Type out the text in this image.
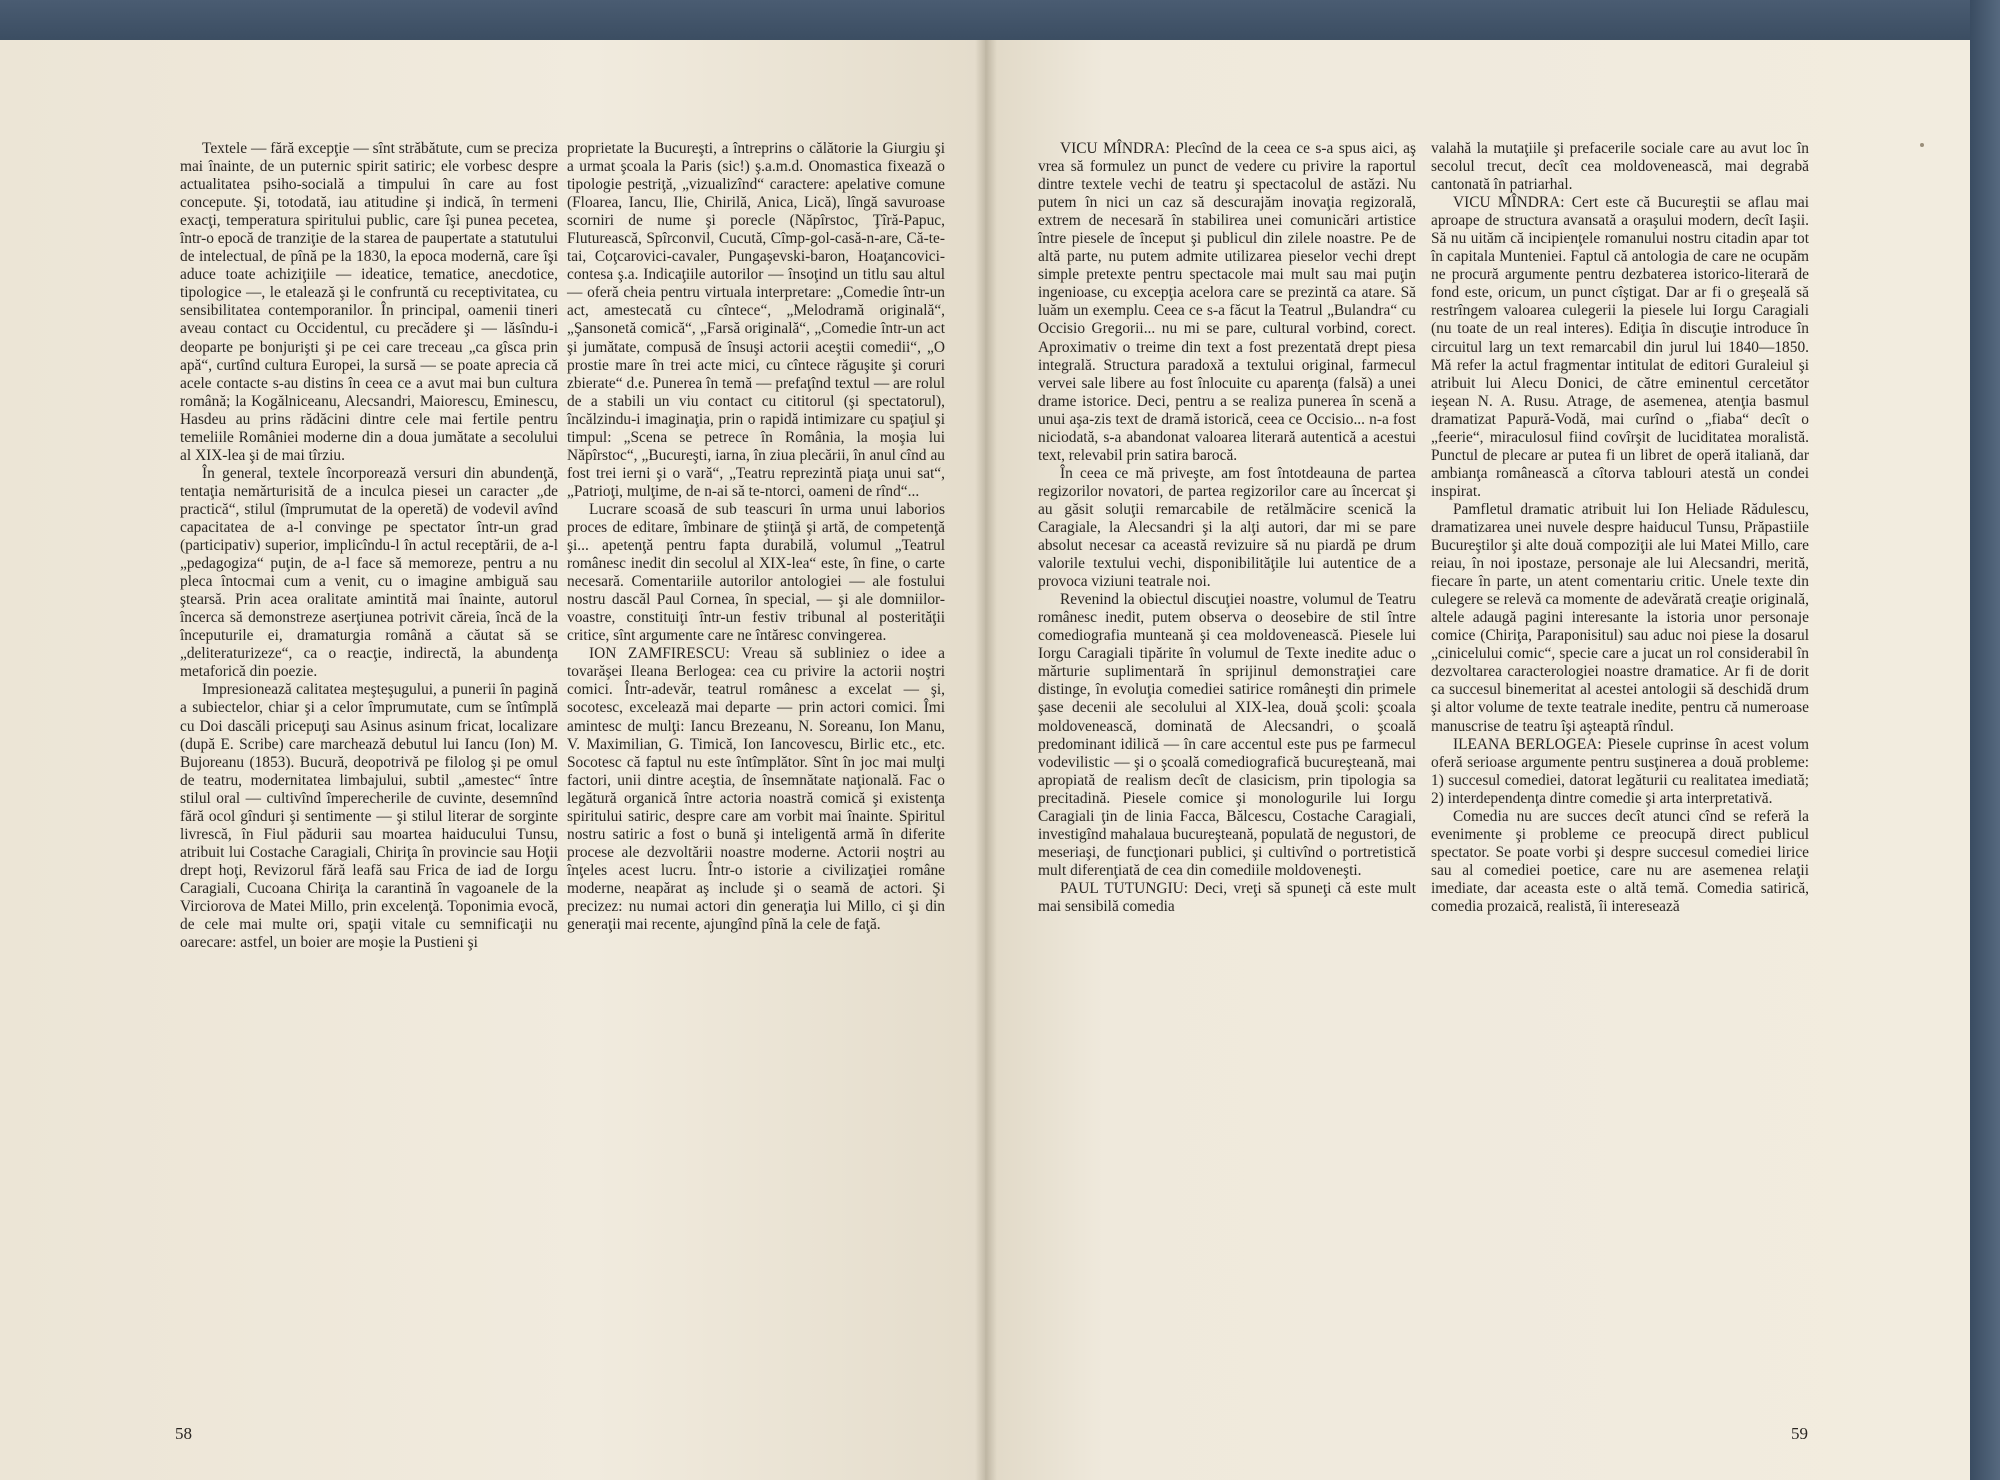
Textele — fără excepţie — sînt străbătute, cum se preciza mai înainte, de un puternic spirit satiric; ele vorbesc despre actualitatea psiho-socială a timpului în care au fost concepute. Şi, totodată, iau atitudine şi indică, în termeni exacţi, temperatura spiritului public, care îşi punea pecetea, într-o epocă de tranziţie de la starea de paupertate a statutului de intelectual, de pînă pe la 1830, la epoca modernă, care îşi aduce toate achiziţiile — ideatice, tematice, anecdotice, tipologice —, le etalează şi le confruntă cu receptivitatea, cu sensibilitatea contemporanilor. În principal, oamenii tineri aveau contact cu Occidentul, cu precădere şi — lăsîndu-i deoparte pe bonjurişti şi pe cei care treceau „ca gîsca prin apă“, curtînd cultura Europei, la sursă — se poate aprecia că acele contacte s-au distins în ceea ce a avut mai bun cultura română; la Kogălniceanu, Alecsandri, Maiorescu, Eminescu, Hasdeu au prins rădăcini dintre cele mai fertile pentru temeliile României moderne din a doua jumătate a secolului al XIX-lea şi de mai tîrziu.

În general, textele încorporează versuri din abundenţă, tentaţia nemărturisită de a inculca piesei un caracter „de practică“, stilul (împrumutat de la operetă) de vodevil avînd capacitatea de a-l convinge pe spectator într-un grad (participativ) superior, implicîndu-l în actul receptării, de a-l „pedagogiza“ puţin, de a-l face să memoreze, pentru a nu pleca întocmai cum a venit, cu o imagine ambiguă sau ştearsă. Prin acea oralitate amintită mai înainte, autorul încerca să demonstreze aserţiunea potrivit căreia, încă de la începuturile ei, dramaturgia română a căutat să se „deliteraturizeze“, ca o reacţie, indirectă, la abundenţa metaforică din poezie.

Impresionează calitatea meşteşugului, a punerii în pagină a subiectelor, chiar şi a celor împrumutate, cum se întîmplă cu Doi dascăli pricepuţi sau Asinus asinum fricat, localizare (după E. Scribe) care marchează debutul lui Iancu (Ion) M. Bujoreanu (1853). Bucură, deopotrivă pe filolog şi pe omul de teatru, modernitatea limbajului, subtil „amestec“ între stilul oral — cultivînd împerecherile de cuvinte, desemnînd fără ocol gînduri şi sentimente — şi stilul literar de sorginte livrescă, în Fiul pădurii sau moartea haiducului Tunsu, atribuit lui Costache Caragiali, Chiriţa în provincie sau Hoţii drept hoţi, Revizorul fără leafă sau Frica de iad de Iorgu Caragiali, Cucoana Chiriţa la carantină în vagoanele de la Virciorova de Matei Millo, prin excelenţă. Toponimia evocă, de cele mai multe ori, spaţii vitale cu semnificaţii nu oarecare: astfel, un boier are moşie la Pustieni şi

proprietate la Bucureşti, a întreprins o călătorie la Giurgiu şi a urmat şcoala la Paris (sic!) ş.a.m.d. Onomastica fixează o tipologie pestriţă, „vizualizînd“ caractere: apelative comune (Floarea, Iancu, Ilie, Chirilă, Anica, Lică), lîngă savuroase scorniri de nume şi porecle (Năpîrstoc, Ţîră-Papuc, Fluturească, Spîrconvil, Cucută, Cîmp-gol-casă-n-are, Că-te-tai, Coţcarovici-cavaler, Pungaşevski-baron, Hoaţancovici-contesa ş.a. Indicaţiile autorilor — însoţind un titlu sau altul — oferă cheia pentru virtuala interpretare: „Comedie într-un act, amestecată cu cîntece“, „Melodramă originală“, „Şansonetă comică“, „Farsă originală“, „Comedie într-un act şi jumătate, compusă de însuşi actorii aceştii comedii“, „O prostie mare în trei acte mici, cu cîntece răguşite şi coruri zbierate“ d.e. Punerea în temă — prefaţînd textul — are rolul de a stabili un viu contact cu cititorul (şi spectatorul), încălzindu-i imaginaţia, prin o rapidă intimizare cu spaţiul şi timpul: „Scena se petrece în România, la moşia lui Năpîrstoc“, „Bucureşti, iarna, în ziua plecării, în anul cînd au fost trei ierni şi o vară“, „Teatru reprezintă piaţa unui sat“, „Patrioţi, mulţime, de n-ai să te-ntorci, oameni de rînd“...

Lucrare scoasă de sub teascuri în urma unui laborios proces de editare, îmbinare de ştiinţă şi artă, de competenţă şi... apetenţă pentru fapta durabilă, volumul „Teatrul românesc inedit din secolul al XIX-lea“ este, în fine, o carte necesară. Comentariile autorilor antologiei — ale fostului nostru dascăl Paul Cornea, în special, — şi ale domniilor-voastre, constituiţi într-un festiv tribunal al posterităţii critice, sînt argumente care ne întăresc convingerea.

ION ZAMFIRESCU: Vreau să subliniez o idee a tovarăşei Ileana Berlogea: cea cu privire la actorii noştri comici. Într-adevăr, teatrul românesc a excelat — şi, socotesc, excelează mai departe — prin actori comici. Îmi amintesc de mulţi: Iancu Brezeanu, N. Soreanu, Ion Manu, V. Maximilian, G. Timică, Ion Iancovescu, Birlic etc., etc. Socotesc că faptul nu este întîmplător. Sînt în joc mai mulţi factori, unii dintre aceştia, de însemnătate naţională. Fac o legătură organică între actoria noastră comică şi existenţa spiritului satiric, despre care am vorbit mai înainte. Spiritul nostru satiric a fost o bună şi inteligentă armă în diferite procese ale dezvoltării noastre moderne. Actorii noştri au înţeles acest lucru. Într-o istorie a civilizaţiei române moderne, neapărat aş include şi o seamă de actori. Şi precizez: nu numai actori din generaţia lui Millo, ci şi din generaţii mai recente, ajungînd pînă la cele de faţă.

58

VICU MÎNDRA: Plecînd de la ceea ce s-a spus aici, aş vrea să formulez un punct de vedere cu privire la raportul dintre textele vechi de teatru şi spectacolul de astăzi. Nu putem în nici un caz să descurajăm inovaţia regizorală, extrem de necesară în stabilirea unei comunicări artistice între piesele de început şi publicul din zilele noastre. Pe de altă parte, nu putem admite utilizarea pieselor vechi drept simple pretexte pentru spectacole mai mult sau mai puţin ingenioase, cu excepţia acelora care se prezintă ca atare. Să luăm un exemplu. Ceea ce s-a făcut la Teatrul „Bulandra“ cu Occisio Gregorii... nu mi se pare, cultural vorbind, corect. Aproximativ o treime din text a fost prezentată drept piesa integrală. Structura paradoxă a textului original, farmecul vervei sale libere au fost înlocuite cu aparenţa (falsă) a unei drame istorice. Deci, pentru a se realiza punerea în scenă a unui aşa-zis text de dramă istorică, ceea ce Occisio... n-a fost niciodată, s-a abandonat valoarea literară autentică a acestui text, relevabil prin satira barocă.

În ceea ce mă priveşte, am fost întotdeauna de partea regizorilor novatori, de partea regizorilor care au încercat şi au găsit soluţii remarcabile de retălmăcire scenică la Caragiale, la Alecsandri şi la alţi autori, dar mi se pare absolut necesar ca această revizuire să nu piardă pe drum valorile textului vechi, disponibilităţile lui autentice de a provoca viziuni teatrale noi.

Revenind la obiectul discuţiei noastre, volumul de Teatru românesc inedit, putem observa o deosebire de stil între comediografia munteană şi cea moldovenească. Piesele lui Iorgu Caragiali tipărite în volumul de Texte inedite aduc o mărturie suplimentară în sprijinul demonstraţiei care distinge, în evoluţia comediei satirice româneşti din primele şase decenii ale secolului al XIX-lea, două şcoli: şcoala moldovenească, dominată de Alecsandri, o şcoală predominant idilică — în care accentul este pus pe farmecul vodevilistic — şi o şcoală comediografică bucureşteană, mai apropiată de realism decît de clasicism, prin tipologia sa precitadină. Piesele comice şi monologurile lui Iorgu Caragiali ţin de linia Facca, Bălcescu, Costache Caragiali, investigînd mahalaua bucureşteană, populată de negustori, de meseriaşi, de funcţionari publici, şi cultivînd o portretistică mult diferenţiată de cea din comediile moldoveneşti.

PAUL TUTUNGIU: Deci, vreţi să spuneţi că este mult mai sensibilă comedia

valahă la mutaţiile şi prefacerile sociale care au avut loc în secolul trecut, decît cea moldovenească, mai degrabă cantonată în patriarhal.

VICU MÎNDRA: Cert este că Bucureştii se aflau mai aproape de structura avansată a oraşului modern, decît Iaşii. Să nu uităm că incipienţele romanului nostru citadin apar tot în capitala Munteniei. Faptul că antologia de care ne ocupăm ne procură argumente pentru dezbaterea istorico-literară de fond este, oricum, un punct cîştigat. Dar ar fi o greşeală să restrîngem valoarea culegerii la piesele lui Iorgu Caragiali (nu toate de un real interes). Ediţia în discuţie introduce în circuitul larg un text remarcabil din jurul lui 1840—1850. Mă refer la actul fragmentar intitulat de editori Guraleiul şi atribuit lui Alecu Donici, de către eminentul cercetător ieşean N. A. Rusu. Atrage, de asemenea, atenţia basmul dramatizat Papură-Vodă, mai curînd o „fiaba“ decît o „feerie“, miraculosul fiind covîrşit de luciditatea moralistă. Punctul de plecare ar putea fi un libret de operă italiană, dar ambianţa românească a cîtorva tablouri atestă un condei inspirat.

Pamfletul dramatic atribuit lui Ion Heliade Rădulescu, dramatizarea unei nuvele despre haiducul Tunsu, Prăpastiile Bucureştilor şi alte două compoziţii ale lui Matei Millo, care reiau, în noi ipostaze, personaje ale lui Alecsandri, merită, fiecare în parte, un atent comentariu critic. Unele texte din culegere se relevă ca momente de adevărată creaţie originală, altele adaugă pagini interesante la istoria unor personaje comice (Chiriţa, Paraponisitul) sau aduc noi piese la dosarul „cinicelului comic“, specie care a jucat un rol considerabil în dezvoltarea caracterologiei noastre dramatice. Ar fi de dorit ca succesul binemeritat al acestei antologii să deschidă drum şi altor volume de texte teatrale inedite, pentru că numeroase manuscrise de teatru îşi aşteaptă rîndul.

ILEANA BERLOGEA: Piesele cuprinse în acest volum oferă serioase argumente pentru susţinerea a două probleme: 1) succesul comediei, datorat legăturii cu realitatea imediată; 2) interdependenţa dintre comedie şi arta interpretativă.

Comedia nu are succes decît atunci cînd se referă la evenimente şi probleme ce preocupă direct publicul spectator. Se poate vorbi şi despre succesul comediei lirice sau al comediei poetice, care nu are asemenea relaţii imediate, dar aceasta este o altă temă. Comedia satirică, comedia prozaică, realistă, îi interesează

59
